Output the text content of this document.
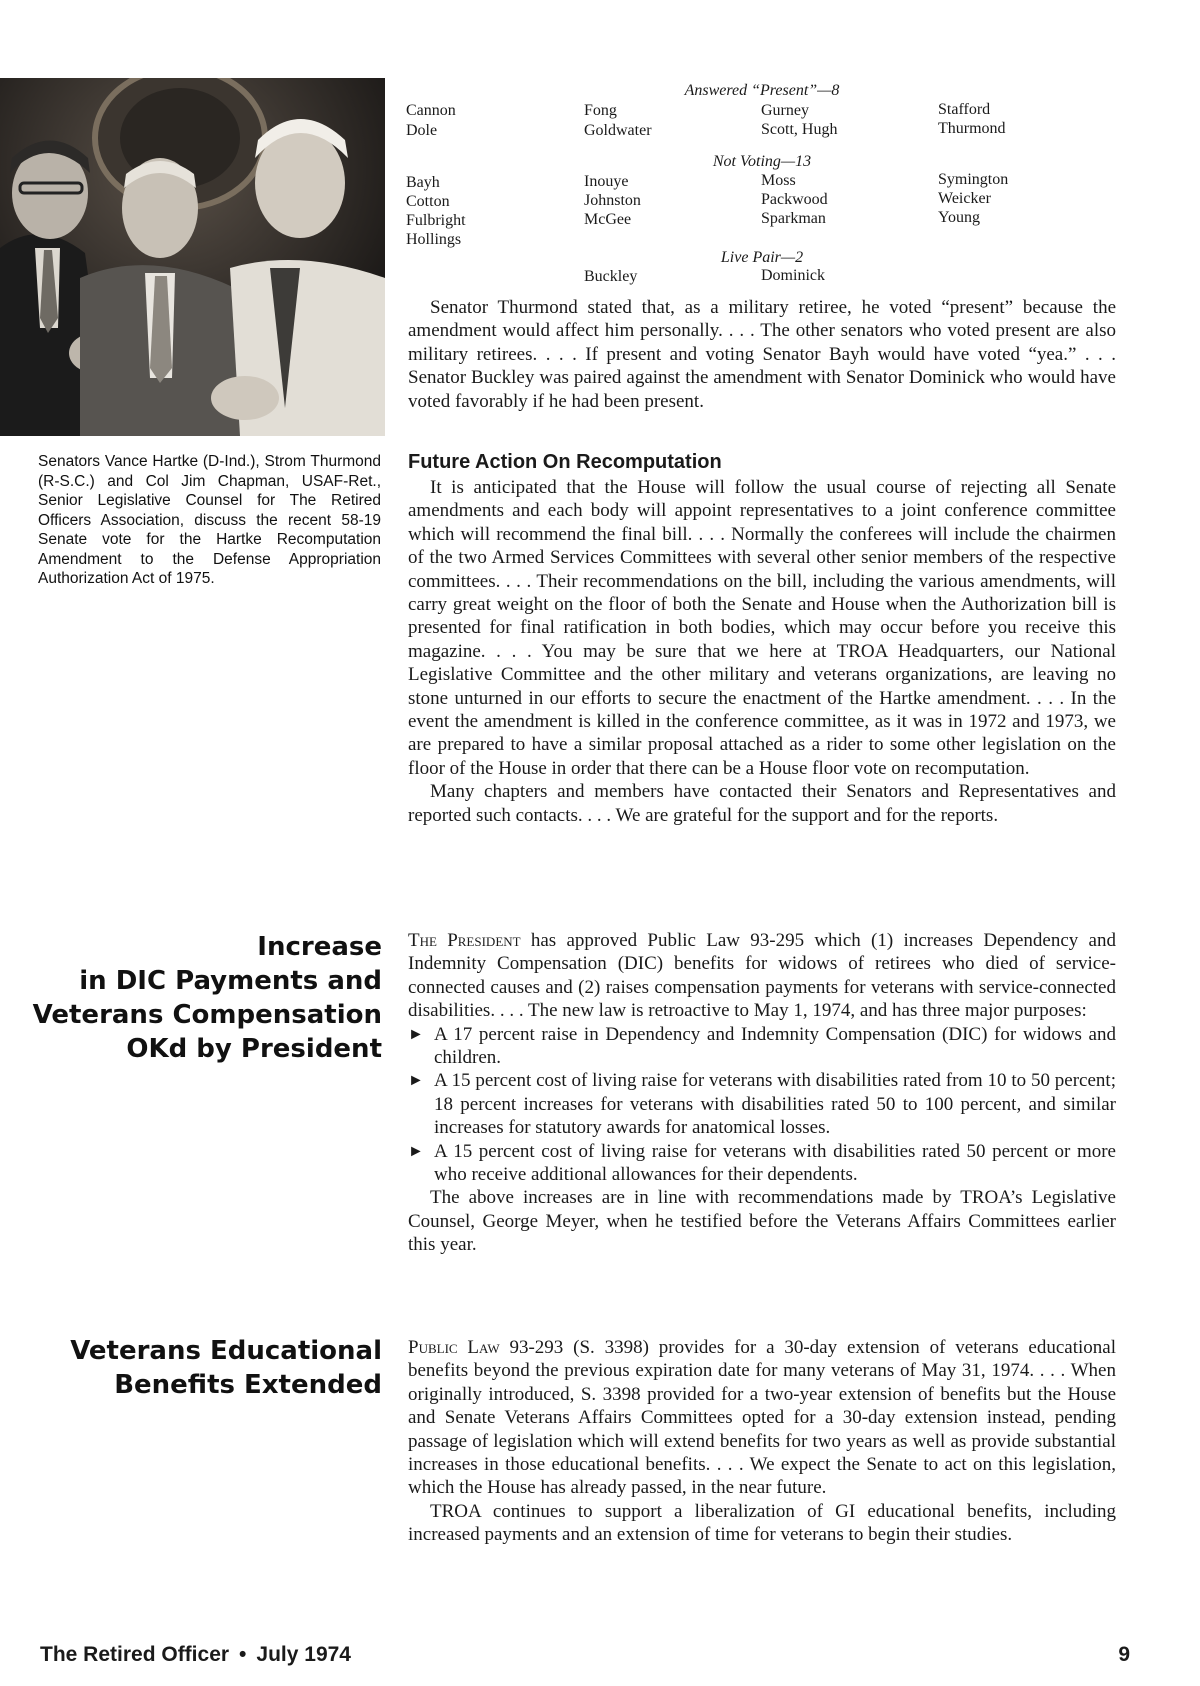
Senators Vance Hartke (D-Ind.), Strom Thurmond (R-S.C.) and Col Jim Chapman, USAF-Ret., Senior Legislative Counsel for The Retired Officers Association, discuss the recent 58-19 Senate vote for the Hartke Recomputation Amendment to the Defense Appropriation Authorization Act of 1975.
Answered “Present”—8
Cannon	Fong	Gurney	Stafford
Dole	Goldwater	Scott, Hugh	Thurmond
Not Voting—13
Bayh	Inouye	Moss	Symington
Cotton	Johnston	Packwood	Weicker
Fulbright	McGee	Sparkman	Young
Hollings
Live Pair—2
Buckley	Dominick

Senator Thurmond stated that, as a military retiree, he voted “present” because the amendment would affect him personally. . . . The other senators who voted present are also military retirees. . . . If present and voting Senator Bayh would have voted “yea.” . . . Senator Buckley was paired against the amendment with Senator Dominick who would have voted favorably if he had been present.

Future Action On Recomputation

It is anticipated that the House will follow the usual course of rejecting all Senate amendments and each body will appoint representatives to a joint conference committee which will recommend the final bill. . . . Normally the conferees will include the chairmen of the two Armed Services Committees with several other senior members of the respective committees. . . . Their recommendations on the bill, including the various amendments, will carry great weight on the floor of both the Senate and House when the Authorization bill is presented for final ratification in both bodies, which may occur before you receive this magazine. . . . You may be sure that we here at TROA Headquarters, our National Legislative Committee and the other military and veterans organizations, are leaving no stone unturned in our efforts to secure the enactment of the Hartke amendment. . . . In the event the amendment is killed in the conference committee, as it was in 1972 and 1973, we are prepared to have a similar proposal attached as a rider to some other legislation on the floor of the House in order that there can be a House floor vote on recomputation.

Many chapters and members have contacted their Senators and Representatives and reported such contacts. . . . We are grateful for the support and for the reports.

Increase
in DIC Payments and
Veterans Compensation
OKd by President

The President has approved Public Law 93-295 which (1) increases Dependency and Indemnity Compensation (DIC) benefits for widows of retirees who died of service-connected causes and (2) raises compensation payments for veterans with service-connected disabilities. . . . The new law is retroactive to May 1, 1974, and has three major purposes:

► A 17 percent raise in Dependency and Indemnity Compensation (DIC) for widows and children.
► A 15 percent cost of living raise for veterans with disabilities rated from 10 to 50 percent; 18 percent increases for veterans with disabilities rated 50 to 100 percent, and similar increases for statutory awards for anatomical losses.
► A 15 percent cost of living raise for veterans with disabilities rated 50 percent or more who receive additional allowances for their dependents.

The above increases are in line with recommendations made by TROA’s Legislative Counsel, George Meyer, when he testified before the Veterans Affairs Committees earlier this year.

Veterans Educational
Benefits Extended

Public Law 93-293 (S. 3398) provides for a 30-day extension of veterans educational benefits beyond the previous expiration date for many veterans of May 31, 1974. . . . When originally introduced, S. 3398 provided for a two-year extension of benefits but the House and Senate Veterans Affairs Committees opted for a 30-day extension instead, pending passage of legislation which will extend benefits for two years as well as provide substantial increases in those educational benefits. . . . We expect the Senate to act on this legislation, which the House has already passed, in the near future.

TROA continues to support a liberalization of GI educational benefits, including increased payments and an extension of time for veterans to begin their studies.

The Retired Officer • July 1974	9
